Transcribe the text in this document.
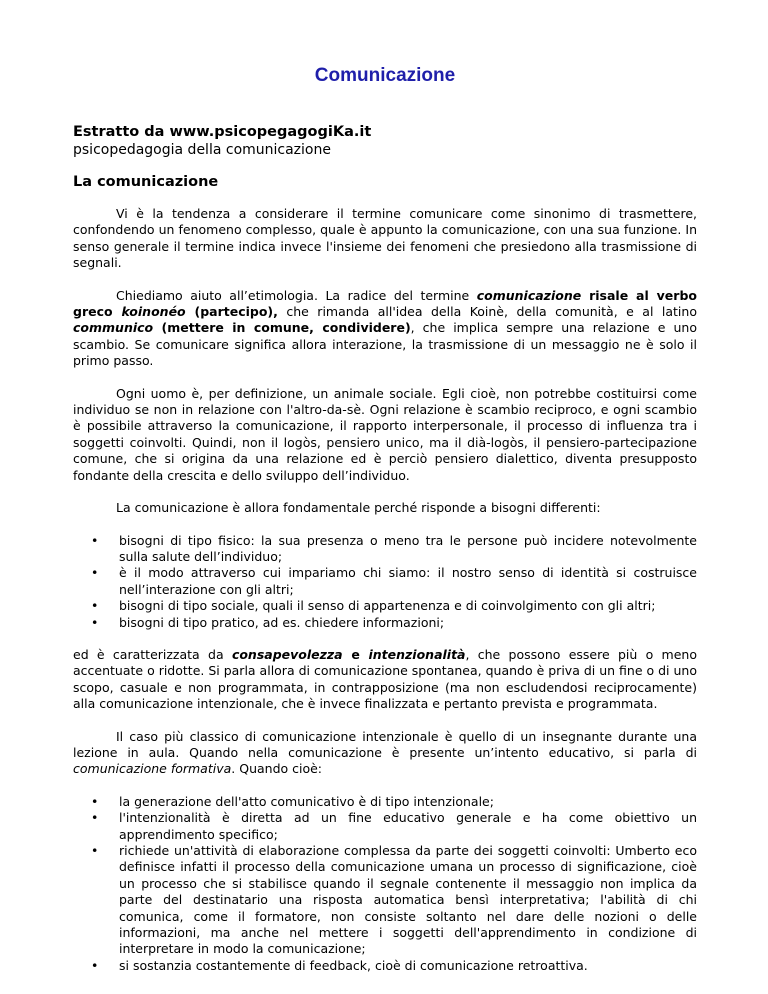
Comunicazione

Estratto da www.psicopegagogiKa.it

psicopedagogia della comunicazione

La comunicazione

Vi è la tendenza a considerare il termine comunicare come sinonimo di trasmettere, confondendo un fenomeno complesso, quale è appunto la comunicazione, con una sua funzione. In senso generale il termine indica invece l'insieme dei fenomeni che presiedono alla trasmissione di segnali.

Chiediamo aiuto all’etimologia. La radice del termine comunicazione risale al verbo greco koinonéo (partecipo), che rimanda all'idea della Koinè, della comunità, e al latino communico (mettere in comune, condividere), che implica sempre una relazione e uno scambio. Se comunicare significa allora interazione, la trasmissione di un messaggio ne è solo il primo passo.

Ogni uomo è, per definizione, un animale sociale. Egli cioè, non potrebbe costituirsi come individuo se non in relazione con l'altro-da-sè. Ogni relazione è scambio reciproco, e ogni scambio è possibile attraverso la comunicazione, il rapporto interpersonale, il processo di influenza tra i soggetti coinvolti. Quindi, non il logòs, pensiero unico, ma il dià-logòs, il pensiero-partecipazione comune, che si origina da una relazione ed è perciò pensiero dialettico, diventa presupposto fondante della crescita e dello sviluppo dell’individuo.

La comunicazione è allora fondamentale perché risponde a bisogni differenti:

• bisogni di tipo fisico: la sua presenza o meno tra le persone può incidere notevolmente sulla salute dell’individuo;
• è il modo attraverso cui impariamo chi siamo: il nostro senso di identità si costruisce nell’interazione con gli altri;
• bisogni di tipo sociale, quali il senso di appartenenza e di coinvolgimento con gli altri;
• bisogni di tipo pratico, ad es. chiedere informazioni;

ed è caratterizzata da consapevolezza e intenzionalità, che possono essere più o meno accentuate o ridotte. Si parla allora di comunicazione spontanea, quando è priva di un fine o di uno scopo, casuale e non programmata, in contrapposizione (ma non escludendosi reciprocamente) alla comunicazione intenzionale, che è invece finalizzata e pertanto prevista e programmata.

Il caso più classico di comunicazione intenzionale è quello di un insegnante durante una lezione in aula. Quando nella comunicazione è presente un’intento educativo, si parla di comunicazione formativa. Quando cioè:

• la generazione dell'atto comunicativo è di tipo intenzionale;
• l'intenzionalità è diretta ad un fine educativo generale e ha come obiettivo un apprendimento specifico;
• richiede un'attività di elaborazione complessa da parte dei soggetti coinvolti: Umberto eco definisce infatti il processo della comunicazione umana un processo di significazione, cioè un processo che si stabilisce quando il segnale contenente il messaggio non implica da parte del destinatario una risposta automatica bensì interpretativa; l'abilità di chi comunica, come il formatore, non consiste soltanto nel dare delle nozioni o delle informazioni, ma anche nel mettere i soggetti dell'apprendimento in condizione di interpretare in modo la comunicazione;
• si sostanzia costantemente di feedback, cioè di comunicazione retroattiva.
